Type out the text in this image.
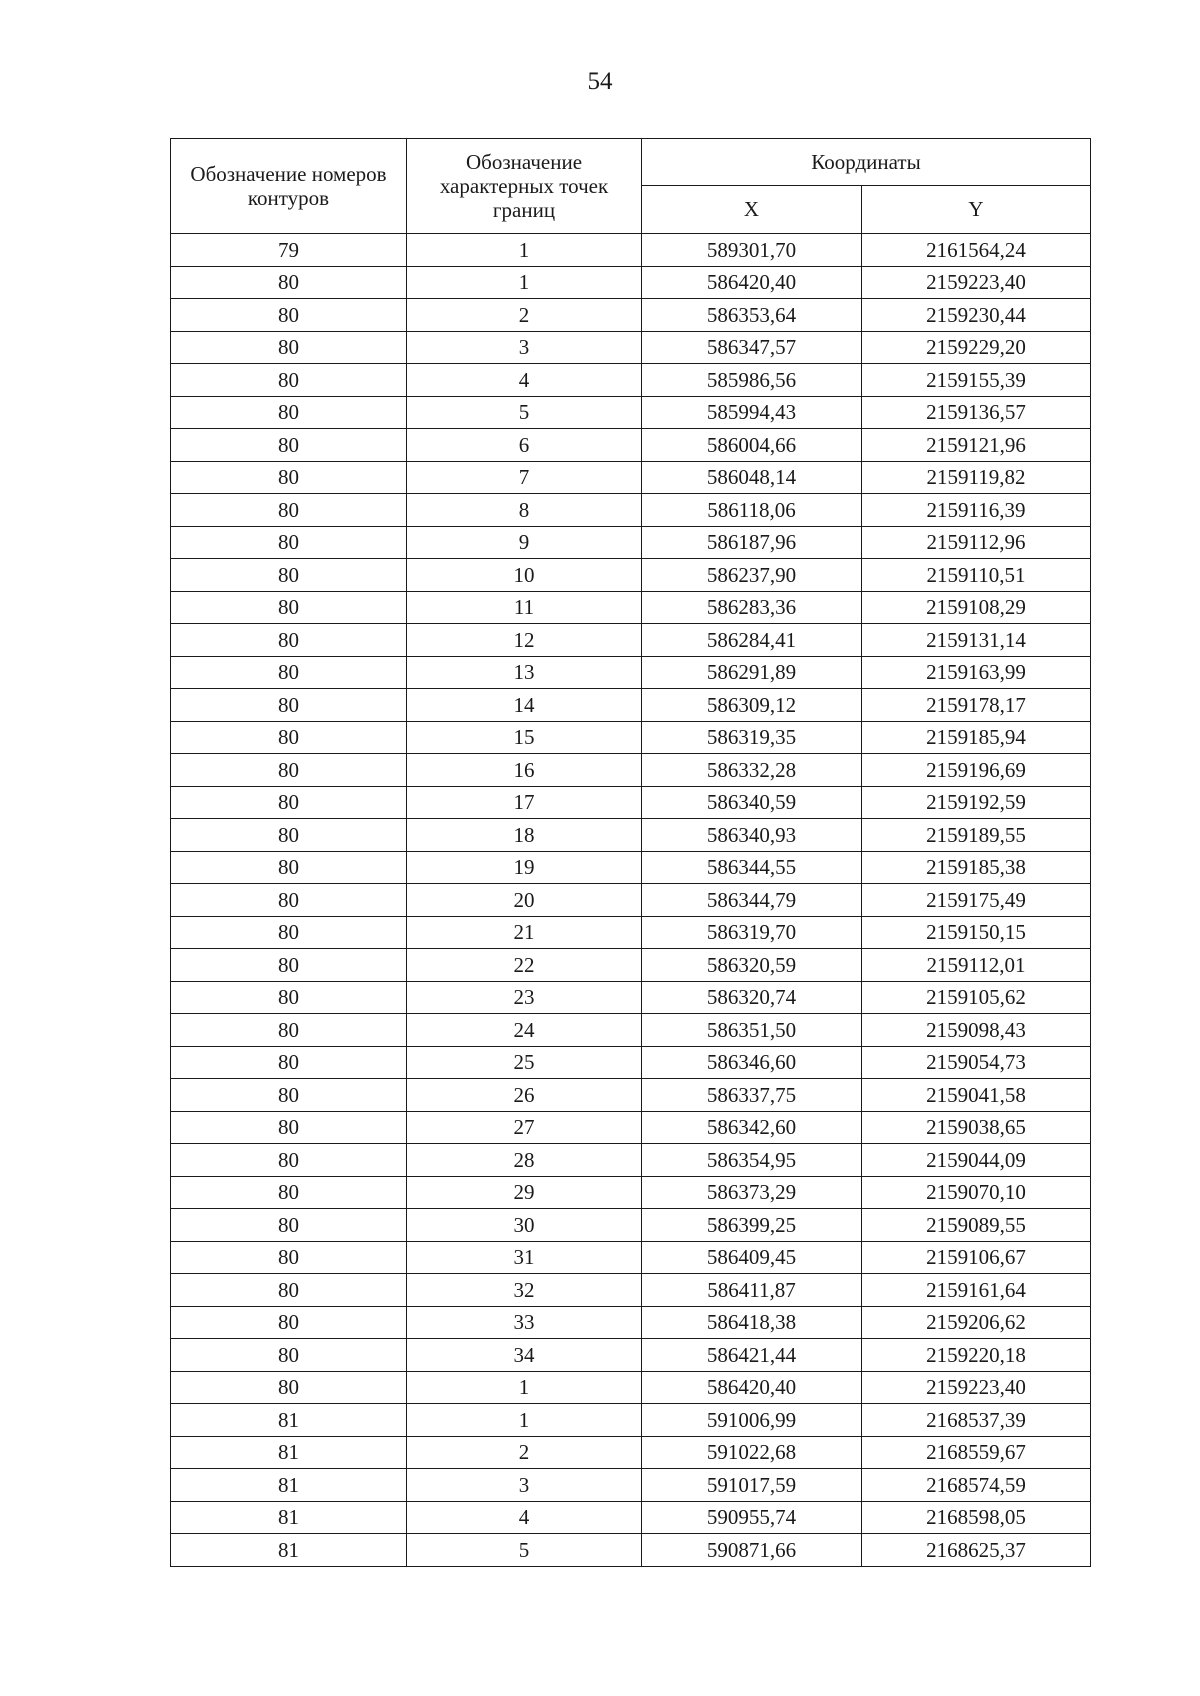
54
Обозначение номеров контуров	Обозначение характерных точек границ	Координаты	
		X	Y
79	1	589301,70	2161564,24
80	1	586420,40	2159223,40
80	2	586353,64	2159230,44
80	3	586347,57	2159229,20
80	4	585986,56	2159155,39
80	5	585994,43	2159136,57
80	6	586004,66	2159121,96
80	7	586048,14	2159119,82
80	8	586118,06	2159116,39
80	9	586187,96	2159112,96
80	10	586237,90	2159110,51
80	11	586283,36	2159108,29
80	12	586284,41	2159131,14
80	13	586291,89	2159163,99
80	14	586309,12	2159178,17
80	15	586319,35	2159185,94
80	16	586332,28	2159196,69
80	17	586340,59	2159192,59
80	18	586340,93	2159189,55
80	19	586344,55	2159185,38
80	20	586344,79	2159175,49
80	21	586319,70	2159150,15
80	22	586320,59	2159112,01
80	23	586320,74	2159105,62
80	24	586351,50	2159098,43
80	25	586346,60	2159054,73
80	26	586337,75	2159041,58
80	27	586342,60	2159038,65
80	28	586354,95	2159044,09
80	29	586373,29	2159070,10
80	30	586399,25	2159089,55
80	31	586409,45	2159106,67
80	32	586411,87	2159161,64
80	33	586418,38	2159206,62
80	34	586421,44	2159220,18
80	1	586420,40	2159223,40
81	1	591006,99	2168537,39
81	2	591022,68	2168559,67
81	3	591017,59	2168574,59
81	4	590955,74	2168598,05
81	5	590871,66	2168625,37
